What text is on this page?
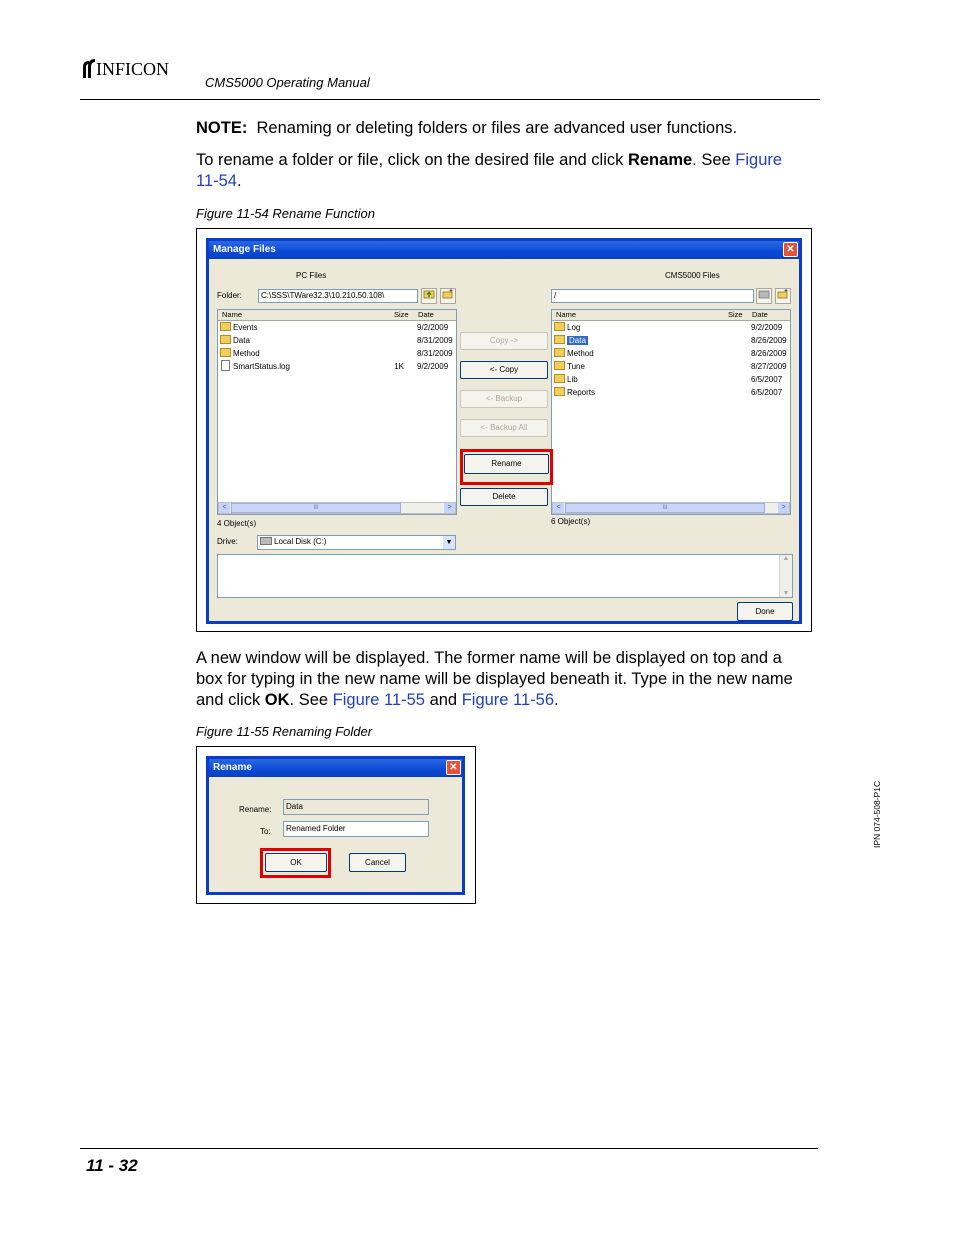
INFICON
CMS5000 Operating Manual
NOTE: Renaming or deleting folders or files are advanced user functions.
To rename a folder or file, click on the desired file and click Rename. See Figure
11-54.
Figure 11-54 Rename Function
Manage Files	✕
PC Files	CMS5000 Files
Folder:	C:\SSS\TWare32.3\10.210.50.108\	/
Name	Size Date
Events	9/2/2009
Data	8/31/2009
Method	8/31/2009
SmartStatus.log	1K 9/2/2009
<	III	>
Name	Size Date
Log	9/2/2009
Data	8/26/2009
Method	8/26/2009
Tune	8/27/2009
Lib	6/5/2007
Reports	6/5/2007
<	III	>
Copy ->
<- Copy
<- Backup
<- Backup All
Rename
Delete
4 Object(s)	6 Object(s)
Drive:	Local Disk (C:)	▼
▲
▼
Done
A new window will be displayed. The former name will be displayed on top and a
box for typing in the new name will be displayed beneath it. Type in the new name
and click OK. See Figure 11-55 and Figure 11-56.
Figure 11-55 Renaming Folder
Rename	✕
Rename:	Data
To:	Renamed Folder
OK	Cancel
IPN 074-508-P1C
11 - 32
